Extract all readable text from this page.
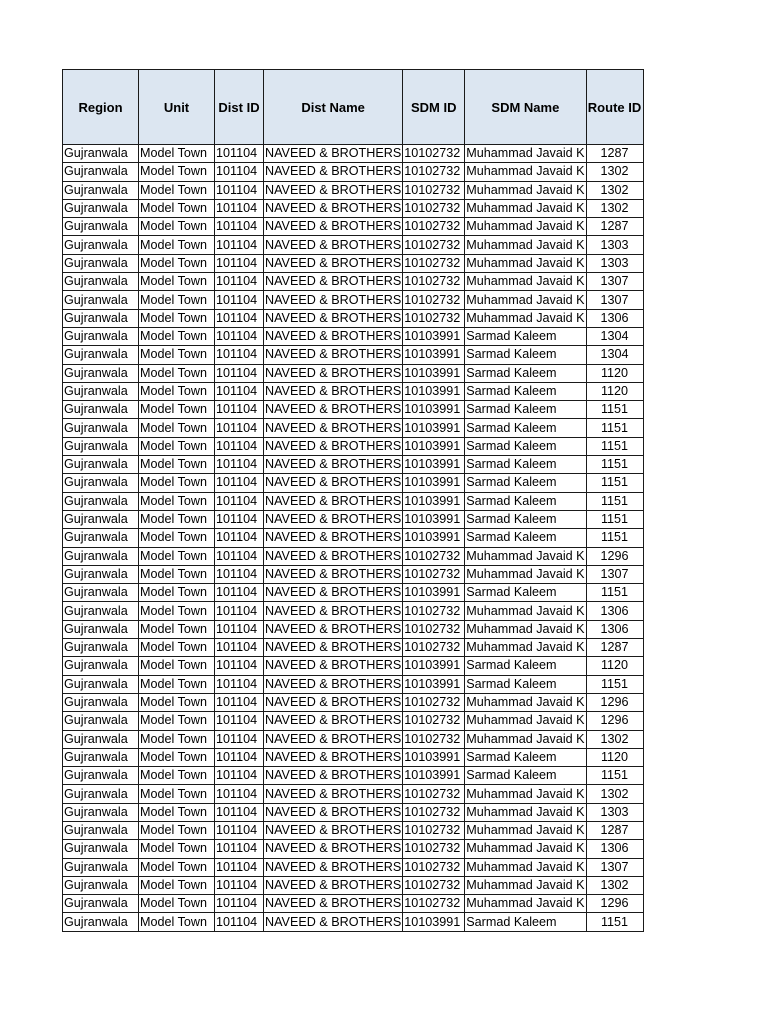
Region	Unit	Dist ID	Dist Name	SDM ID	SDM Name	Route ID
Gujranwala	Model Town	101104	NAVEED & BROTHERS	10102732	Muhammad Javaid K	1287
Gujranwala	Model Town	101104	NAVEED & BROTHERS	10102732	Muhammad Javaid K	1302
Gujranwala	Model Town	101104	NAVEED & BROTHERS	10102732	Muhammad Javaid K	1302
Gujranwala	Model Town	101104	NAVEED & BROTHERS	10102732	Muhammad Javaid K	1302
Gujranwala	Model Town	101104	NAVEED & BROTHERS	10102732	Muhammad Javaid K	1287
Gujranwala	Model Town	101104	NAVEED & BROTHERS	10102732	Muhammad Javaid K	1303
Gujranwala	Model Town	101104	NAVEED & BROTHERS	10102732	Muhammad Javaid K	1303
Gujranwala	Model Town	101104	NAVEED & BROTHERS	10102732	Muhammad Javaid K	1307
Gujranwala	Model Town	101104	NAVEED & BROTHERS	10102732	Muhammad Javaid K	1307
Gujranwala	Model Town	101104	NAVEED & BROTHERS	10102732	Muhammad Javaid K	1306
Gujranwala	Model Town	101104	NAVEED & BROTHERS	10103991	Sarmad Kaleem	1304
Gujranwala	Model Town	101104	NAVEED & BROTHERS	10103991	Sarmad Kaleem	1304
Gujranwala	Model Town	101104	NAVEED & BROTHERS	10103991	Sarmad Kaleem	1120
Gujranwala	Model Town	101104	NAVEED & BROTHERS	10103991	Sarmad Kaleem	1120
Gujranwala	Model Town	101104	NAVEED & BROTHERS	10103991	Sarmad Kaleem	1151
Gujranwala	Model Town	101104	NAVEED & BROTHERS	10103991	Sarmad Kaleem	1151
Gujranwala	Model Town	101104	NAVEED & BROTHERS	10103991	Sarmad Kaleem	1151
Gujranwala	Model Town	101104	NAVEED & BROTHERS	10103991	Sarmad Kaleem	1151
Gujranwala	Model Town	101104	NAVEED & BROTHERS	10103991	Sarmad Kaleem	1151
Gujranwala	Model Town	101104	NAVEED & BROTHERS	10103991	Sarmad Kaleem	1151
Gujranwala	Model Town	101104	NAVEED & BROTHERS	10103991	Sarmad Kaleem	1151
Gujranwala	Model Town	101104	NAVEED & BROTHERS	10103991	Sarmad Kaleem	1151
Gujranwala	Model Town	101104	NAVEED & BROTHERS	10102732	Muhammad Javaid K	1296
Gujranwala	Model Town	101104	NAVEED & BROTHERS	10102732	Muhammad Javaid K	1307
Gujranwala	Model Town	101104	NAVEED & BROTHERS	10103991	Sarmad Kaleem	1151
Gujranwala	Model Town	101104	NAVEED & BROTHERS	10102732	Muhammad Javaid K	1306
Gujranwala	Model Town	101104	NAVEED & BROTHERS	10102732	Muhammad Javaid K	1306
Gujranwala	Model Town	101104	NAVEED & BROTHERS	10102732	Muhammad Javaid K	1287
Gujranwala	Model Town	101104	NAVEED & BROTHERS	10103991	Sarmad Kaleem	1120
Gujranwala	Model Town	101104	NAVEED & BROTHERS	10103991	Sarmad Kaleem	1151
Gujranwala	Model Town	101104	NAVEED & BROTHERS	10102732	Muhammad Javaid K	1296
Gujranwala	Model Town	101104	NAVEED & BROTHERS	10102732	Muhammad Javaid K	1296
Gujranwala	Model Town	101104	NAVEED & BROTHERS	10102732	Muhammad Javaid K	1302
Gujranwala	Model Town	101104	NAVEED & BROTHERS	10103991	Sarmad Kaleem	1120
Gujranwala	Model Town	101104	NAVEED & BROTHERS	10103991	Sarmad Kaleem	1151
Gujranwala	Model Town	101104	NAVEED & BROTHERS	10102732	Muhammad Javaid K	1302
Gujranwala	Model Town	101104	NAVEED & BROTHERS	10102732	Muhammad Javaid K	1303
Gujranwala	Model Town	101104	NAVEED & BROTHERS	10102732	Muhammad Javaid K	1287
Gujranwala	Model Town	101104	NAVEED & BROTHERS	10102732	Muhammad Javaid K	1306
Gujranwala	Model Town	101104	NAVEED & BROTHERS	10102732	Muhammad Javaid K	1307
Gujranwala	Model Town	101104	NAVEED & BROTHERS	10102732	Muhammad Javaid K	1302
Gujranwala	Model Town	101104	NAVEED & BROTHERS	10102732	Muhammad Javaid K	1296
Gujranwala	Model Town	101104	NAVEED & BROTHERS	10103991	Sarmad Kaleem	1151
